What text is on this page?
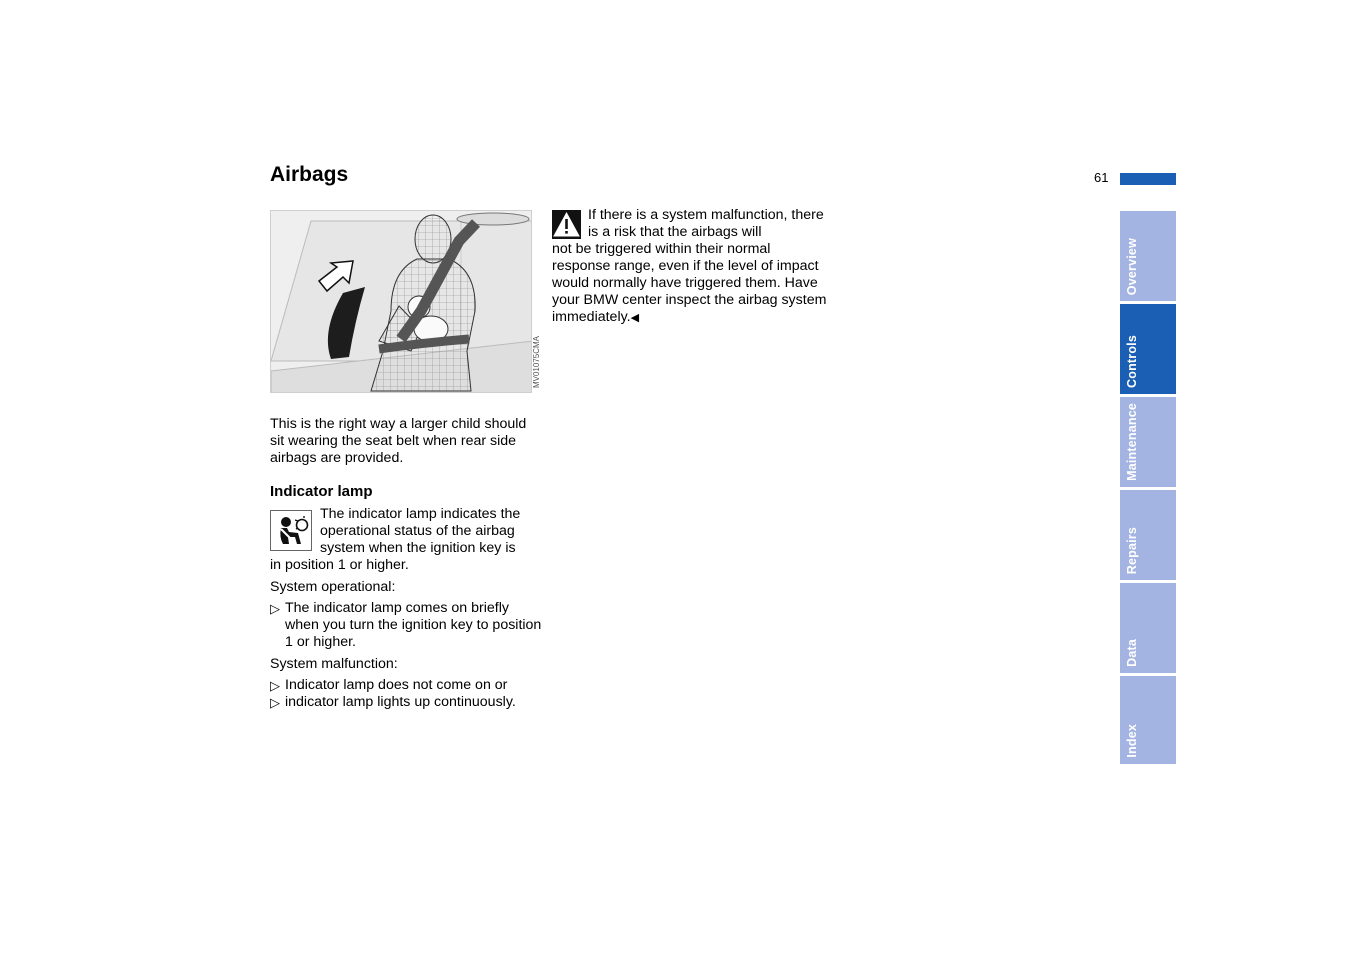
Airbags	61
MV01075CMA
This is the right way a larger child should sit wearing the seat belt when rear side airbags are provided.
Indicator lamp
The indicator lamp indicates the operational status of the airbag system when the ignition key is
in position 1 or higher.
System operational:
▷ The indicator lamp comes on briefly when you turn the ignition key to position 1 or higher.
System malfunction:
▷ Indicator lamp does not come on or
▷ indicator lamp lights up continuously.
If there is a system malfunction, there is a risk that the airbags will
not be triggered within their normal response range, even if the level of impact would normally have triggered them. Have your BMW center inspect the airbag system immediately.◀
Overview
Controls
Maintenance
Repairs
Data
Index
